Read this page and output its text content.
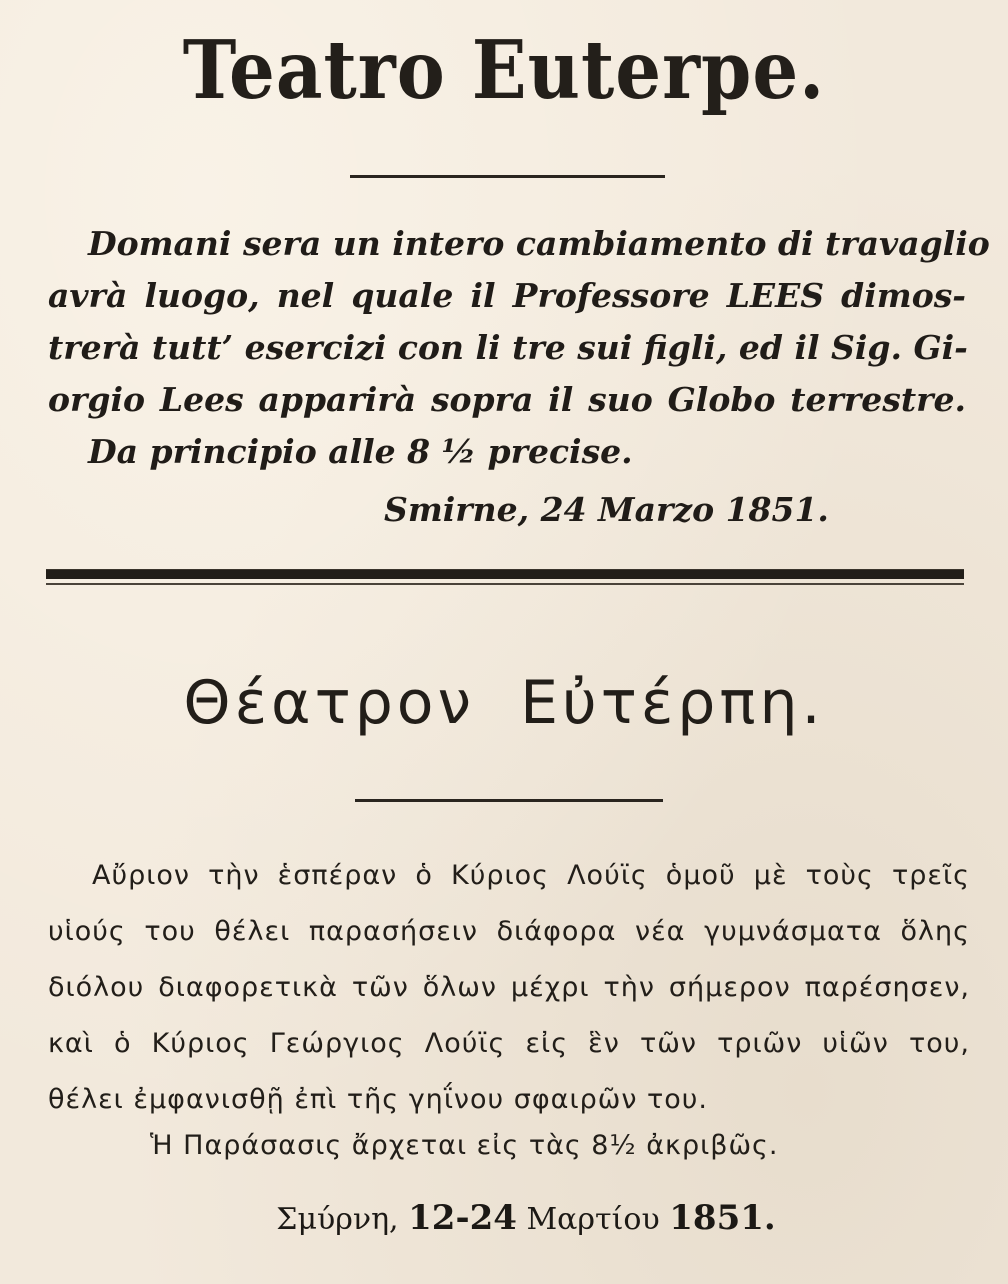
Teatro Euterpe.
Domani sera un intero cambiamento di travaglio
avrà luogo, nel quale il Professore LEES dimos-
trerà tutt’ esercizi con li tre sui figli, ed il Sig. Gi-
orgio Lees apparirà sopra il suo Globo terrestre.
Da principio alle 8 ½ precise.
Smirne, 24 Marzo 1851.
Θέατρον Εὐτέρπη.
Αὔριον τὴν ἑσπέραν ὁ Κύριος Λούϊς ὁμοῦ μὲ τοὺς τρεῖς
υἱούς του θέλει παρασήσειν διάφορα νέα γυμνάσματα ὅλης
διόλου διαφορετικὰ τῶν ὅλων μέχρι τὴν σήμερον παρέσησεν,
καὶ ὁ Κύριος Γεώργιος Λούϊς εἰς ἓν τῶν τριῶν υἱῶν του,
θέλει ἐμφανισθῇ ἐπὶ τῆς γηΐνου σφαιρῶν του.
Ἡ Παράσασις ἄρχεται εἰς τὰς 8½ ἀκριβῶς.
Σμύρνη, 12-24 Μαρτίου 1851.
